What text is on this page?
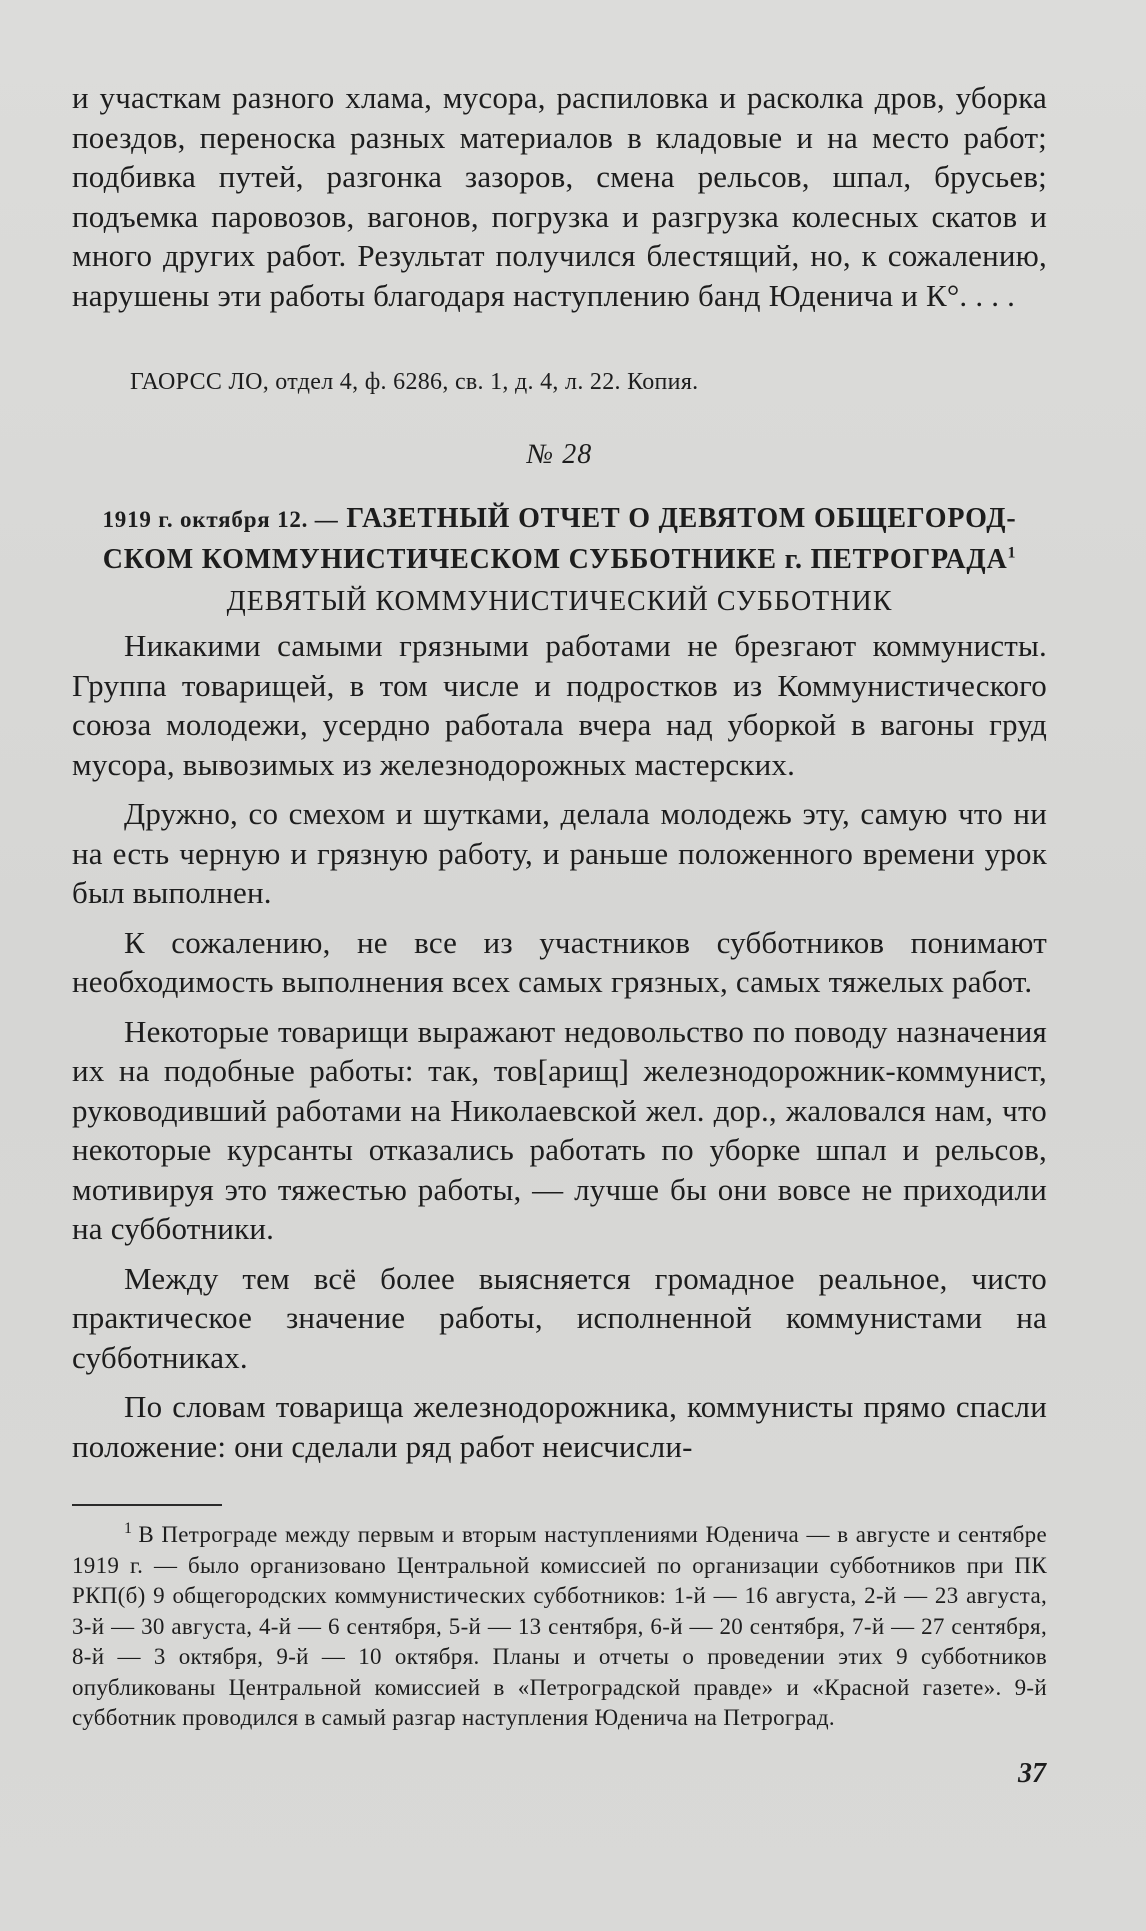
и участкам разного хлама, мусора, распиловка и расколка дров, уборка поездов, переноска разных материалов в кладовые и на место работ; подбивка путей, разгонка зазоров, смена рельсов, шпал, брусьев; подъемка паровозов, вагонов, погрузка и разгрузка колесных скатов и много других работ. Результат получился блестящий, но, к сожалению, нарушены эти работы благодаря наступлению банд Юденича и К°. . . .

ГАОРСС ЛО, отдел 4, ф. 6286, св. 1, д. 4, л. 22. Копия.

№ 28

1919 г. октября 12. — ГАЗЕТНЫЙ ОТЧЕТ О ДЕВЯТОМ ОБЩЕГОРОД-
СКОМ КОММУНИСТИЧЕСКОМ СУББОТНИКЕ г. ПЕТРОГРАДА$^1$

ДЕВЯТЫЙ КОММУНИСТИЧЕСКИЙ СУББОТНИК

Никакими самыми грязными работами не брезгают коммунисты. Группа товарищей, в том числе и подростков из Коммунистического союза молодежи, усердно работала вчера над уборкой в вагоны груд мусора, вывозимых из железнодорожных мастерских.

Дружно, со смехом и шутками, делала молодежь эту, самую что ни на есть черную и грязную работу, и раньше положенного времени урок был выполнен.

К сожалению, не все из участников субботников понимают необходимость выполнения всех самых грязных, самых тяжелых работ.

Некоторые товарищи выражают недовольство по поводу назначения их на подобные работы: так, тов[арищ] железнодорожник-коммунист, руководивший работами на Николаевской жел. дор., жаловался нам, что некоторые курсанты отказались работать по уборке шпал и рельсов, мотивируя это тяжестью работы, — лучше бы они вовсе не приходили на субботники.

Между тем всё более выясняется громадное реальное, чисто практическое значение работы, исполненной коммунистами на субботниках.

По словам товарища железнодорожника, коммунисты прямо спасли положение: они сделали ряд работ неисчисли-

$^1$ В Петрограде между первым и вторым наступлениями Юденича — в августе и сентябре 1919 г. — было организовано Центральной комиссией по организации субботников при ПК РКП(б) 9 общегородских коммунистических субботников: 1-й — 16 августа, 2-й — 23 августа, 3-й — 30 августа, 4-й — 6 сентября, 5-й — 13 сентября, 6-й — 20 сентября, 7-й — 27 сентября, 8-й — 3 октября, 9-й — 10 октября. Планы и отчеты о проведении этих 9 субботников опубликованы Центральной комиссией в «Петроградской правде» и «Красной газете». 9-й субботник проводился в самый разгар наступления Юденича на Петроград.

37
